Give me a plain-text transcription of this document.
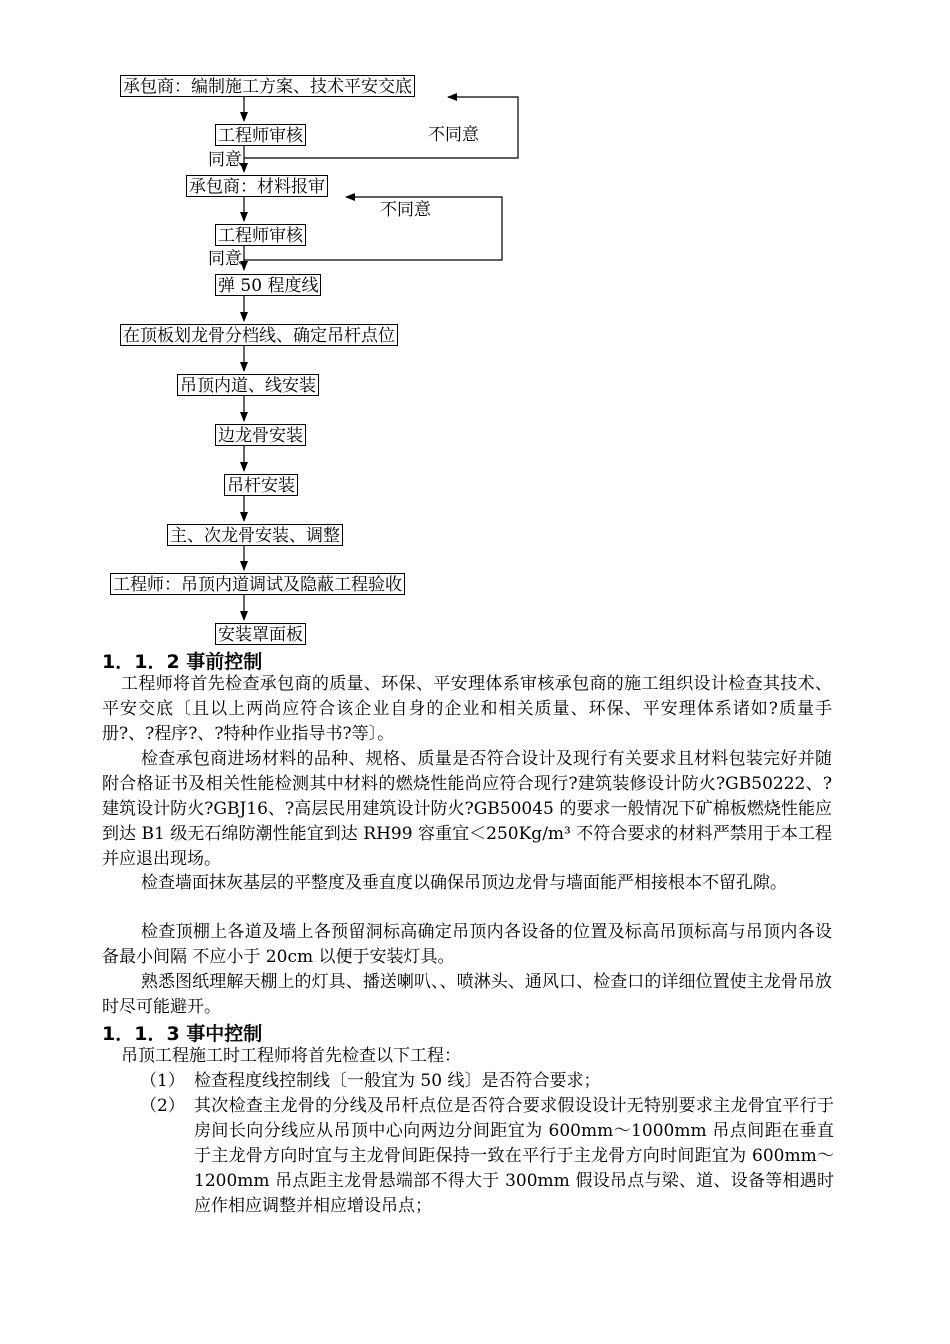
承包商：编制施工方案、技术平安交底
工程师审核	不同意
同意
承包商：材料报审
不同意
工程师审核
同意
弹 50 程度线
在顶板划龙骨分档线、确定吊杆点位
吊顶内道、线安装
边龙骨安装
吊杆安装
主、次龙骨安装、调整
工程师：吊顶内道调试及隐蔽工程验收
安装罩面板
1．1．2 事前控制
工程师将首先检查承包商的质量、环保、平安理体系审核承包商的施工组织设计检查其技术、平安交底〔且以上两尚应符合该企业自身的企业和相关质量、环保、平安理体系诸如?质量手册?、?程序?、?特种作业指导书?等〕。
检查承包商进场材料的品种、规格、质量是否符合设计及现行有关要求且材料包装完好并随附合格证书及相关性能检测其中材料的燃烧性能尚应符合现行?建筑装修设计防火?GB50222、?建筑设计防火?GBJ16、?高层民用建筑设计防火?GB50045 的要求一般情况下矿棉板燃烧性能应到达 B1 级无石绵防潮性能宜到达 RH99 容重宜＜250Kg/m³ 不符合要求的材料严禁用于本工程并应退出现场。
检查墙面抹灰基层的平整度及垂直度以确保吊顶边龙骨与墙面能严相接根本不留孔隙。
检查顶棚上各道及墙上各预留洞标高确定吊顶内各设备的位置及标高吊顶标高与吊顶内各设备最小间隔 不应小于 20cm 以便于安装灯具。
熟悉图纸理解天棚上的灯具、播送喇叭、、喷淋头、通风口、检查口的详细位置使主龙骨吊放时尽可能避开。
1．1．3 事中控制
吊顶工程施工时工程师将首先检查以下工程：
（1） 检查程度线控制线〔一般宜为 50 线〕是否符合要求；
（2） 其次检查主龙骨的分线及吊杆点位是否符合要求假设设计无特别要求主龙骨宜平行于房间长向分线应从吊顶中心向两边分间距宜为 600mm～1000mm 吊点间距在垂直于主龙骨方向时宜与主龙骨间距保持一致在平行于主龙骨方向时间距宜为 600mm～1200mm 吊点距主龙骨悬端部不得大于 300mm 假设吊点与梁、道、设备等相遇时应作相应调整并相应增设吊点；
